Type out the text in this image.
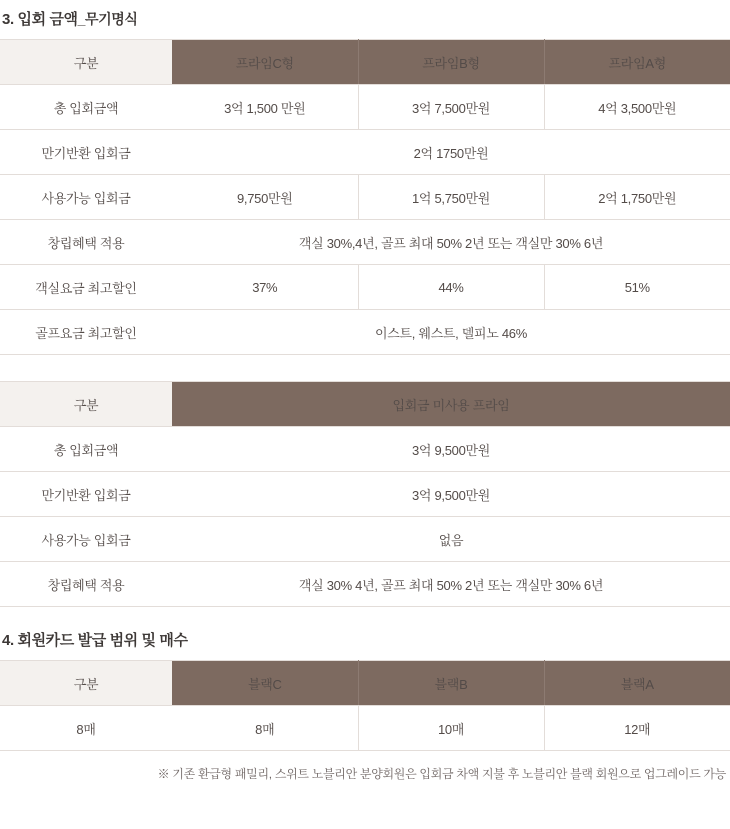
3. 입회 금액_무기명식
구분	프라임C형	프라임B형	프라임A형
총 입회금액	3억 1,500 만원	3억 7,500만원	4억 3,500만원
만기반환 입회금	2억 1750만원		
사용가능 입회금	9,750만원	1억 5,750만원	2억 1,750만원
창립혜택 적용	객실 30%,4년, 골프 최대 50% 2년 또는 객실만 30% 6년		
객실요금 최고할인	37%	44%	51%
골프요금 최고할인	이스트, 웨스트, 델피노 46%		
구분	입회금 미사용 프라임
총 입회금액	3억 9,500만원
만기반환 입회금	3억 9,500만원
사용가능 입회금	없음
창립혜택 적용	객실 30% 4년, 골프 최대 50% 2년 또는 객실만 30% 6년
4. 회원카드 발급 범위 및 매수
구분	블랙C	블랙B	블랙A
8매	8매	10매	12매
※ 기존 환급형 패밀리, 스위트 노블리안 분양회원은 입회금 차액 지불 후 노블리안 블랙 회원으로 업그레이드 가능
